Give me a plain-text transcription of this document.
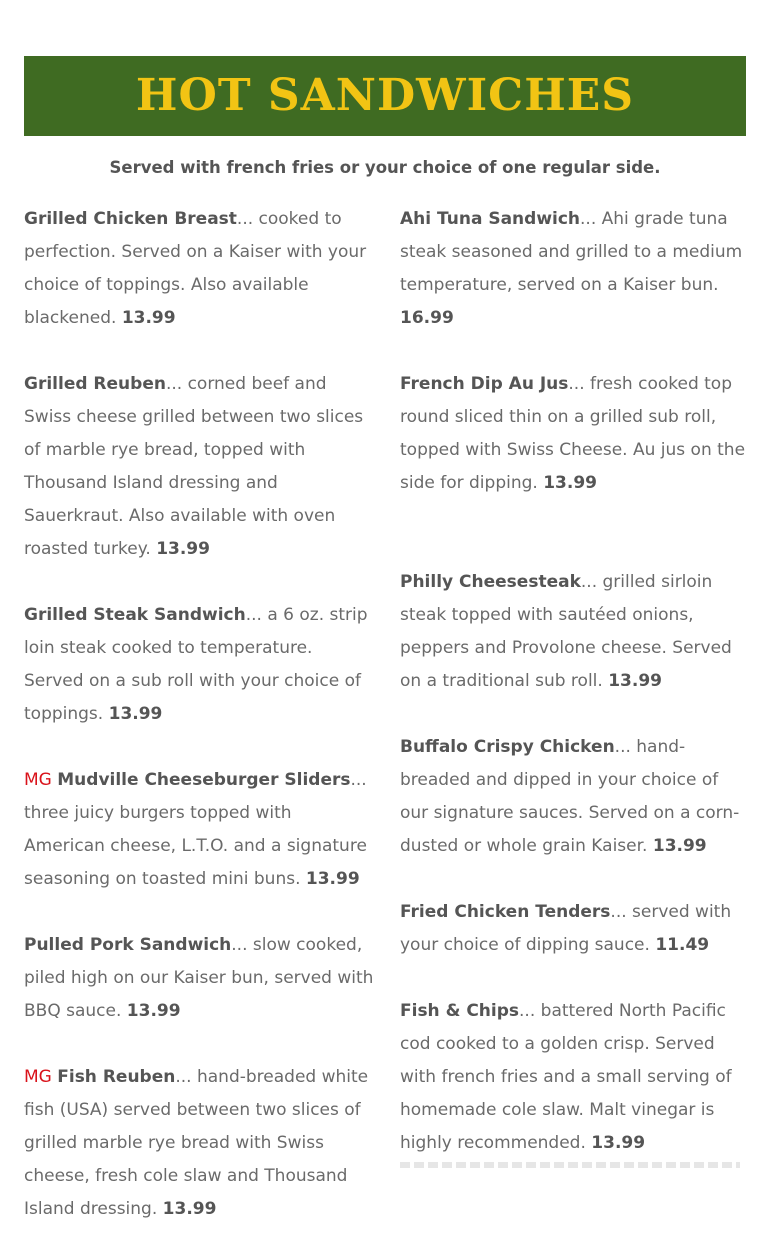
HOT SANDWICHES
Served with french fries or your choice of one regular side.

Grilled Chicken Breast... cooked to perfection. Served on a Kaiser with your choice of toppings. Also available blackened. 13.99

Grilled Reuben... corned beef and Swiss cheese grilled between two slices of marble rye bread, topped with Thousand Island dressing and Sauerkraut. Also available with oven roasted turkey. 13.99

Grilled Steak Sandwich... a 6 oz. strip loin steak cooked to temperature. Served on a sub roll with your choice of toppings. 13.99

MG Mudville Cheeseburger Sliders... three juicy burgers topped with American cheese, L.T.O. and a signature seasoning on toasted mini buns. 13.99

Pulled Pork Sandwich... slow cooked, piled high on our Kaiser bun, served with BBQ sauce. 13.99

MG Fish Reuben... hand-breaded white fish (USA) served between two slices of grilled marble rye bread with Swiss cheese, fresh cole slaw and Thousand Island dressing. 13.99

Ahi Tuna Sandwich... Ahi grade tuna steak seasoned and grilled to a medium temperature, served on a Kaiser bun. 16.99

French Dip Au Jus... fresh cooked top round sliced thin on a grilled sub roll, topped with Swiss Cheese. Au jus on the side for dipping. 13.99

Philly Cheesesteak... grilled sirloin steak topped with sautéed onions, peppers and Provolone cheese. Served on a traditional sub roll. 13.99

Buffalo Crispy Chicken... hand-breaded and dipped in your choice of our signature sauces. Served on a corn-dusted or whole grain Kaiser. 13.99

Fried Chicken Tenders... served with your choice of dipping sauce. 11.49

Fish & Chips... battered North Pacific cod cooked to a golden crisp. Served with french fries and a small serving of homemade cole slaw. Malt vinegar is highly recommended. 13.99
